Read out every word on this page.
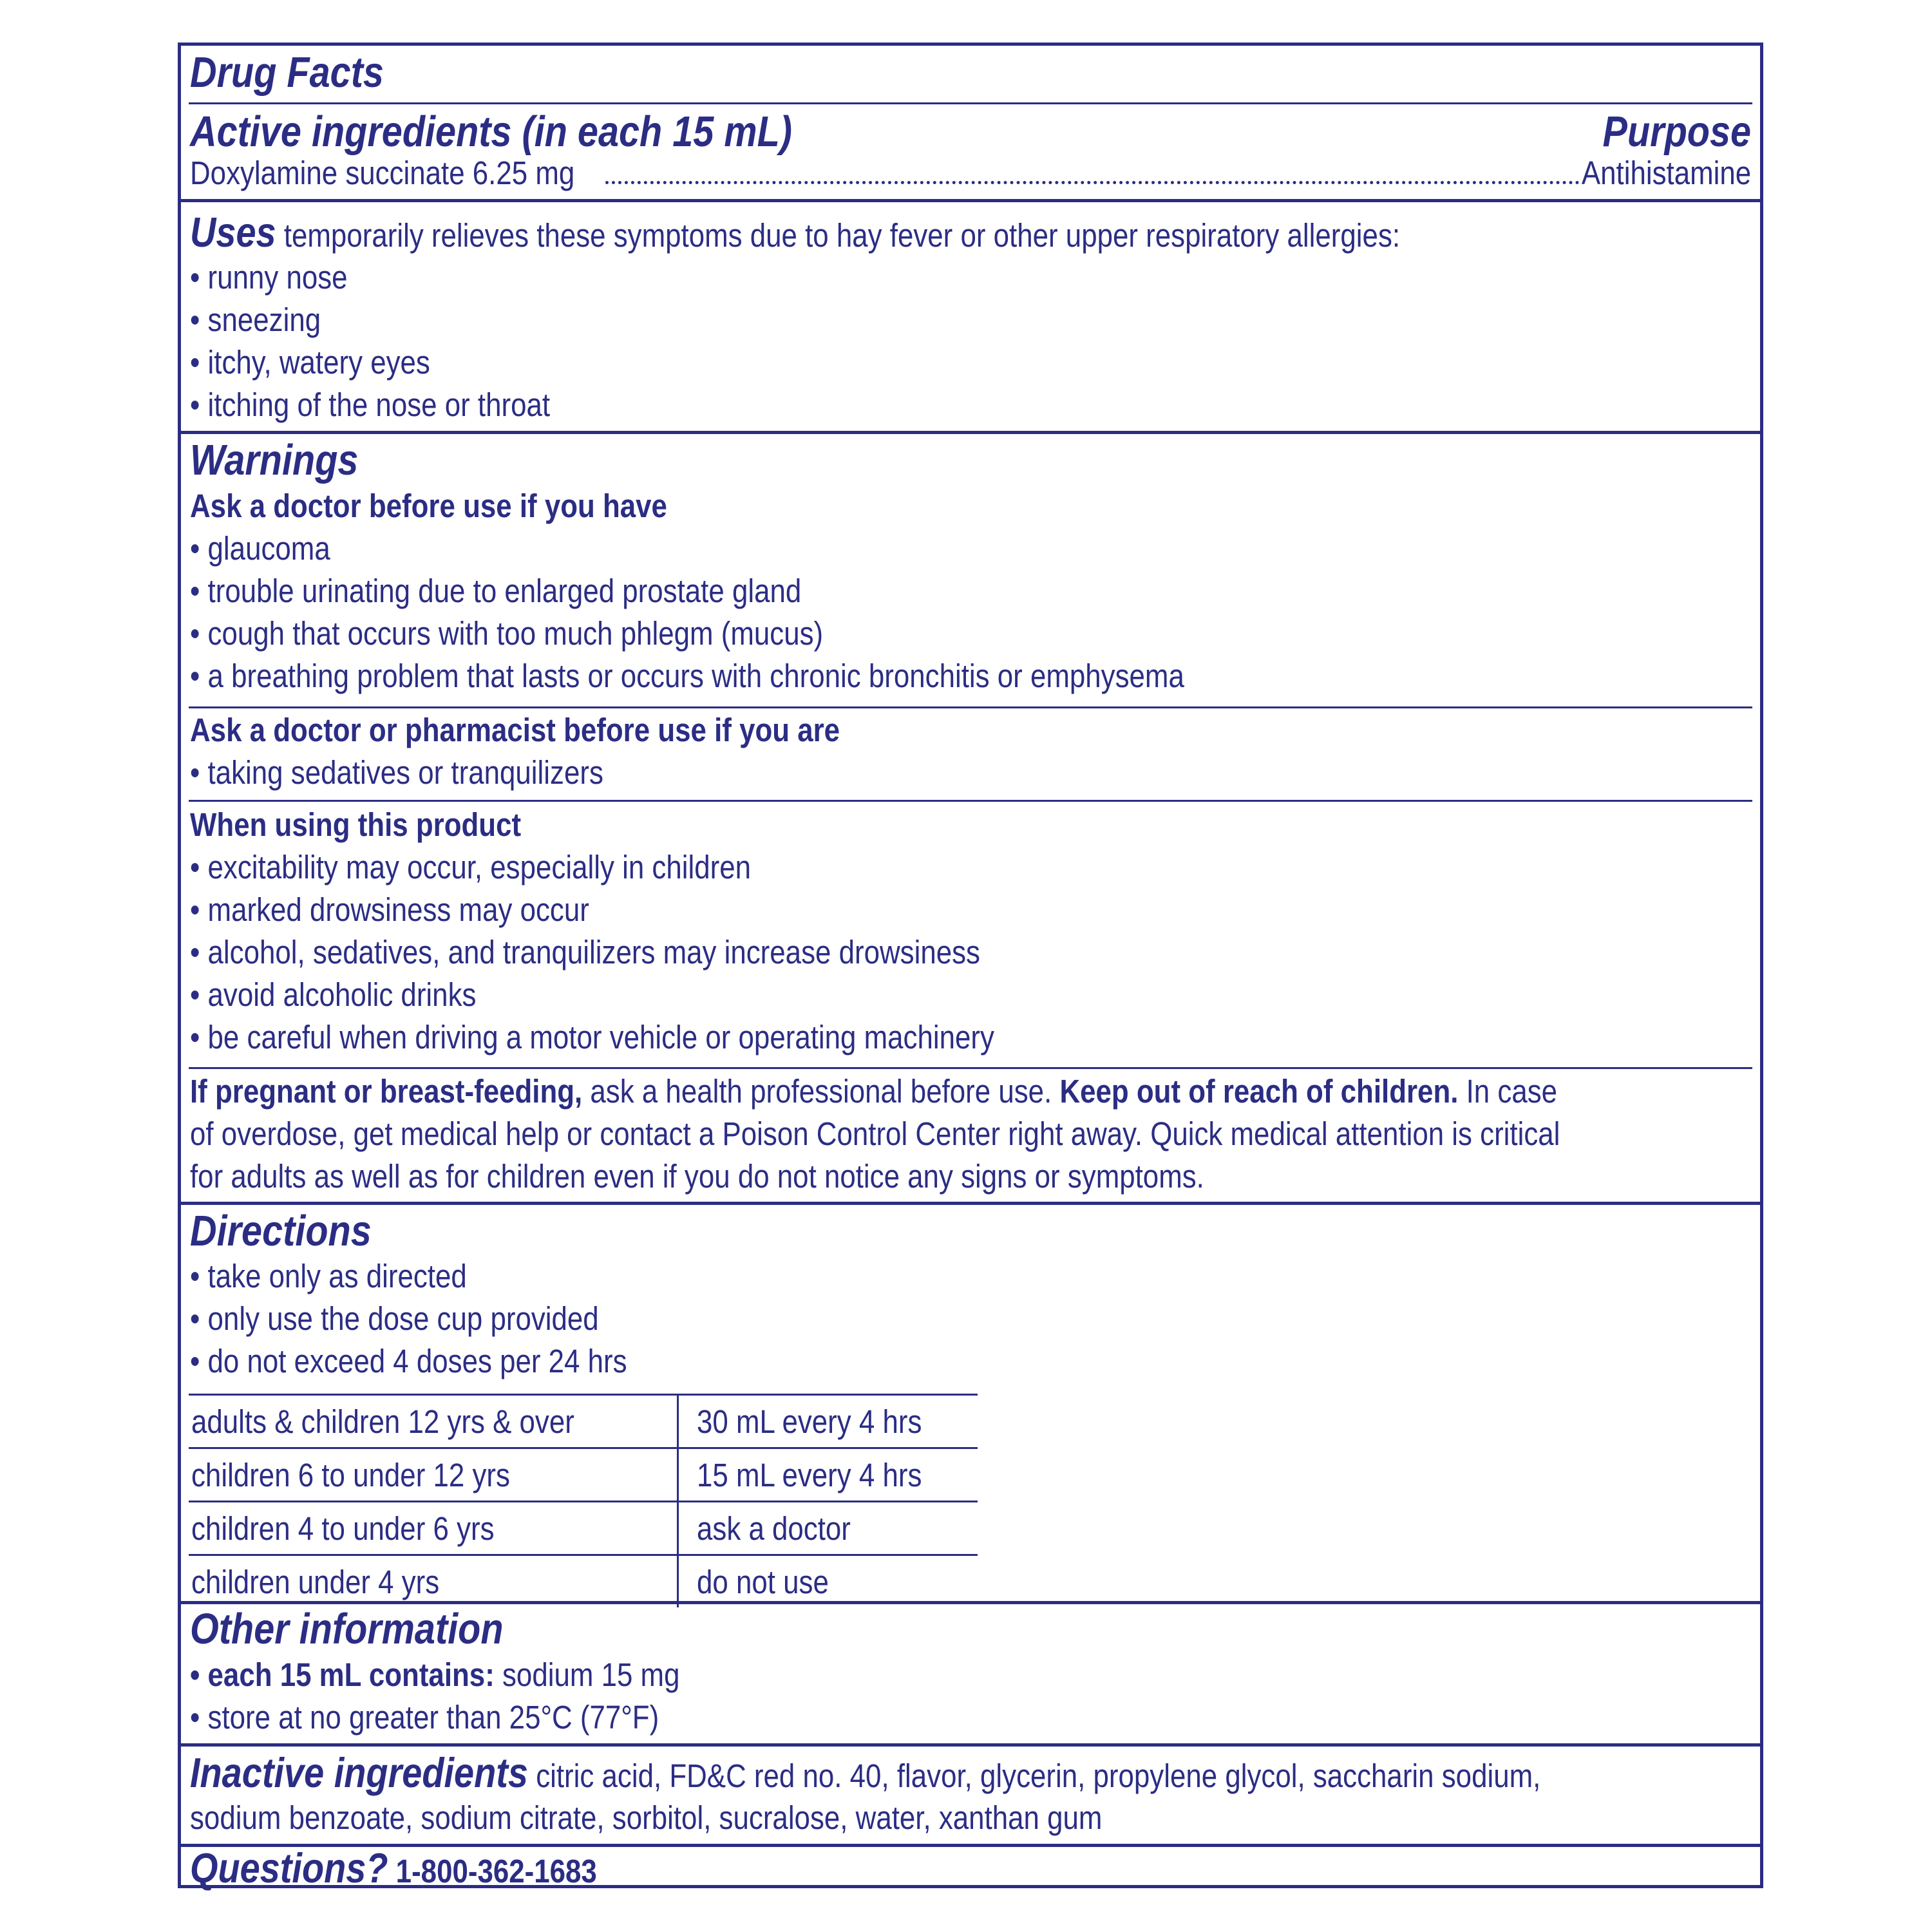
Drug Facts
Active ingredients (in each 15 mL)	Purpose
Doxylamine succinate 6.25 mg	Antihistamine
Uses temporarily relieves these symptoms due to hay fever or other upper respiratory allergies:
• runny nose
• sneezing
• itchy, watery eyes
• itching of the nose or throat
Warnings
Ask a doctor before use if you have
• glaucoma
• trouble urinating due to enlarged prostate gland
• cough that occurs with too much phlegm (mucus)
• a breathing problem that lasts or occurs with chronic bronchitis or emphysema
Ask a doctor or pharmacist before use if you are
• taking sedatives or tranquilizers
When using this product
• excitability may occur, especially in children
• marked drowsiness may occur
• alcohol, sedatives, and tranquilizers may increase drowsiness
• avoid alcoholic drinks
• be careful when driving a motor vehicle or operating machinery
If pregnant or breast-feeding, ask a health professional before use. Keep out of reach of children. In case
of overdose, get medical help or contact a Poison Control Center right away. Quick medical attention is critical
for adults as well as for children even if you do not notice any signs or symptoms.
Directions
• take only as directed
• only use the dose cup provided
• do not exceed 4 doses per 24 hrs
adults & children 12 yrs & over	30 mL every 4 hrs
children 6 to under 12 yrs	15 mL every 4 hrs
children 4 to under 6 yrs	ask a doctor
children under 4 yrs	do not use
Other information
• each 15 mL contains: sodium 15 mg
• store at no greater than 25°C (77°F)
Inactive ingredients citric acid, FD&C red no. 40, flavor, glycerin, propylene glycol, saccharin sodium,
sodium benzoate, sodium citrate, sorbitol, sucralose, water, xanthan gum
Questions? 1-800-362-1683
